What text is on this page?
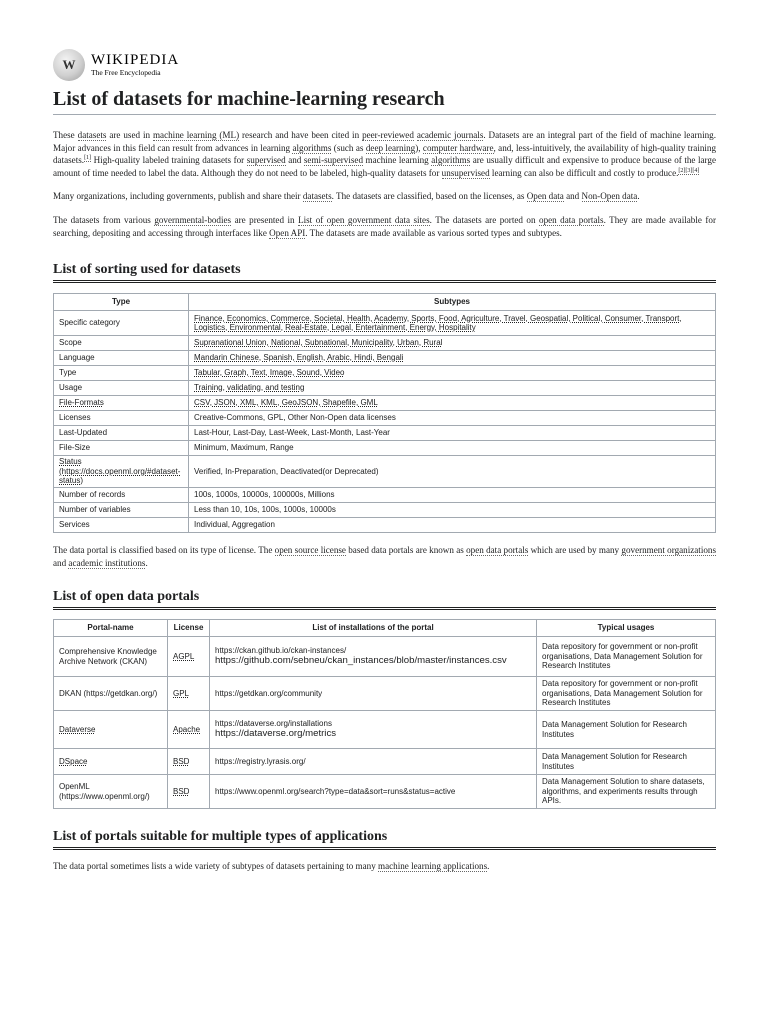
W WIKIPEDIA
The Free Encyclopedia
List of datasets for machine-learning research

These datasets are used in machine learning (ML) research and have been cited in peer-reviewed academic journals. Datasets are an integral part of the field of machine learning. Major advances in this field can result from advances in learning algorithms (such as deep learning), computer hardware, and, less-intuitively, the availability of high-quality training datasets.[1] High-quality labeled training datasets for supervised and semi-supervised machine learning algorithms are usually difficult and expensive to produce because of the large amount of time needed to label the data. Although they do not need to be labeled, high-quality datasets for unsupervised learning can also be difficult and costly to produce.[2][3][4]

Many organizations, including governments, publish and share their datasets. The datasets are classified, based on the licenses, as Open data and Non-Open data.

The datasets from various governmental-bodies are presented in List of open government data sites. The datasets are ported on open data portals. They are made available for searching, depositing and accessing through interfaces like Open API. The datasets are made available as various sorted types and subtypes.

List of sorting used for datasets
Type	Subtypes
Specific category	Finance, Economics, Commerce, Societal, Health, Academy, Sports, Food, Agriculture, Travel, Geospatial, Political, Consumer, Transport, Logistics, Environmental, Real-Estate, Legal, Entertainment, Energy, Hospitality
Scope	Supranational Union, National, Subnational, Municipality, Urban, Rural
Language	Mandarin Chinese, Spanish, English, Arabic, Hindi, Bengali
Type	Tabular, Graph, Text, Image, Sound, Video
Usage	Training, validating, and testing
File-Formats	CSV, JSON, XML, KML, GeoJSON, Shapefile, GML
Licenses	Creative-Commons, GPL, Other Non-Open data licenses
Last-Updated	Last-Hour, Last-Day, Last-Week, Last-Month, Last-Year
File-Size	Minimum, Maximum, Range
Status (https://docs.openml.org/#dataset-status)	Verified, In-Preparation, Deactivated(or Deprecated)
Number of records	100s, 1000s, 10000s, 100000s, Millions
Number of variables	Less than 10, 10s, 100s, 1000s, 10000s
Services	Individual, Aggregation

The data portal is classified based on its type of license. The open source license based data portals are known as open data portals which are used by many government organizations and academic institutions.

List of open data portals
Portal-name	License	List of installations of the portal	Typical usages
Comprehensive Knowledge Archive Network (CKAN)	AGPL	https://ckan.github.io/ckan-instances/
https://github.com/sebneu/ckan_instances/blob/master/instances.csv	Data repository for government or non-profit organisations, Data Management Solution for Research Institutes
DKAN (https://getdkan.org/)	GPL	https://getdkan.org/community	Data repository for government or non-profit organisations, Data Management Solution for Research Institutes
Dataverse	Apache	https://dataverse.org/installations
https://dataverse.org/metrics	Data Management Solution for Research Institutes
DSpace	BSD	https://registry.lyrasis.org/	Data Management Solution for Research Institutes
OpenML (https://www.openml.org/)	BSD	https://www.openml.org/search?type=data&sort=runs&status=active	Data Management Solution to share datasets, algorithms, and experiments results through APIs.
List of portals suitable for multiple types of applications

The data portal sometimes lists a wide variety of subtypes of datasets pertaining to many machine learning applications.
